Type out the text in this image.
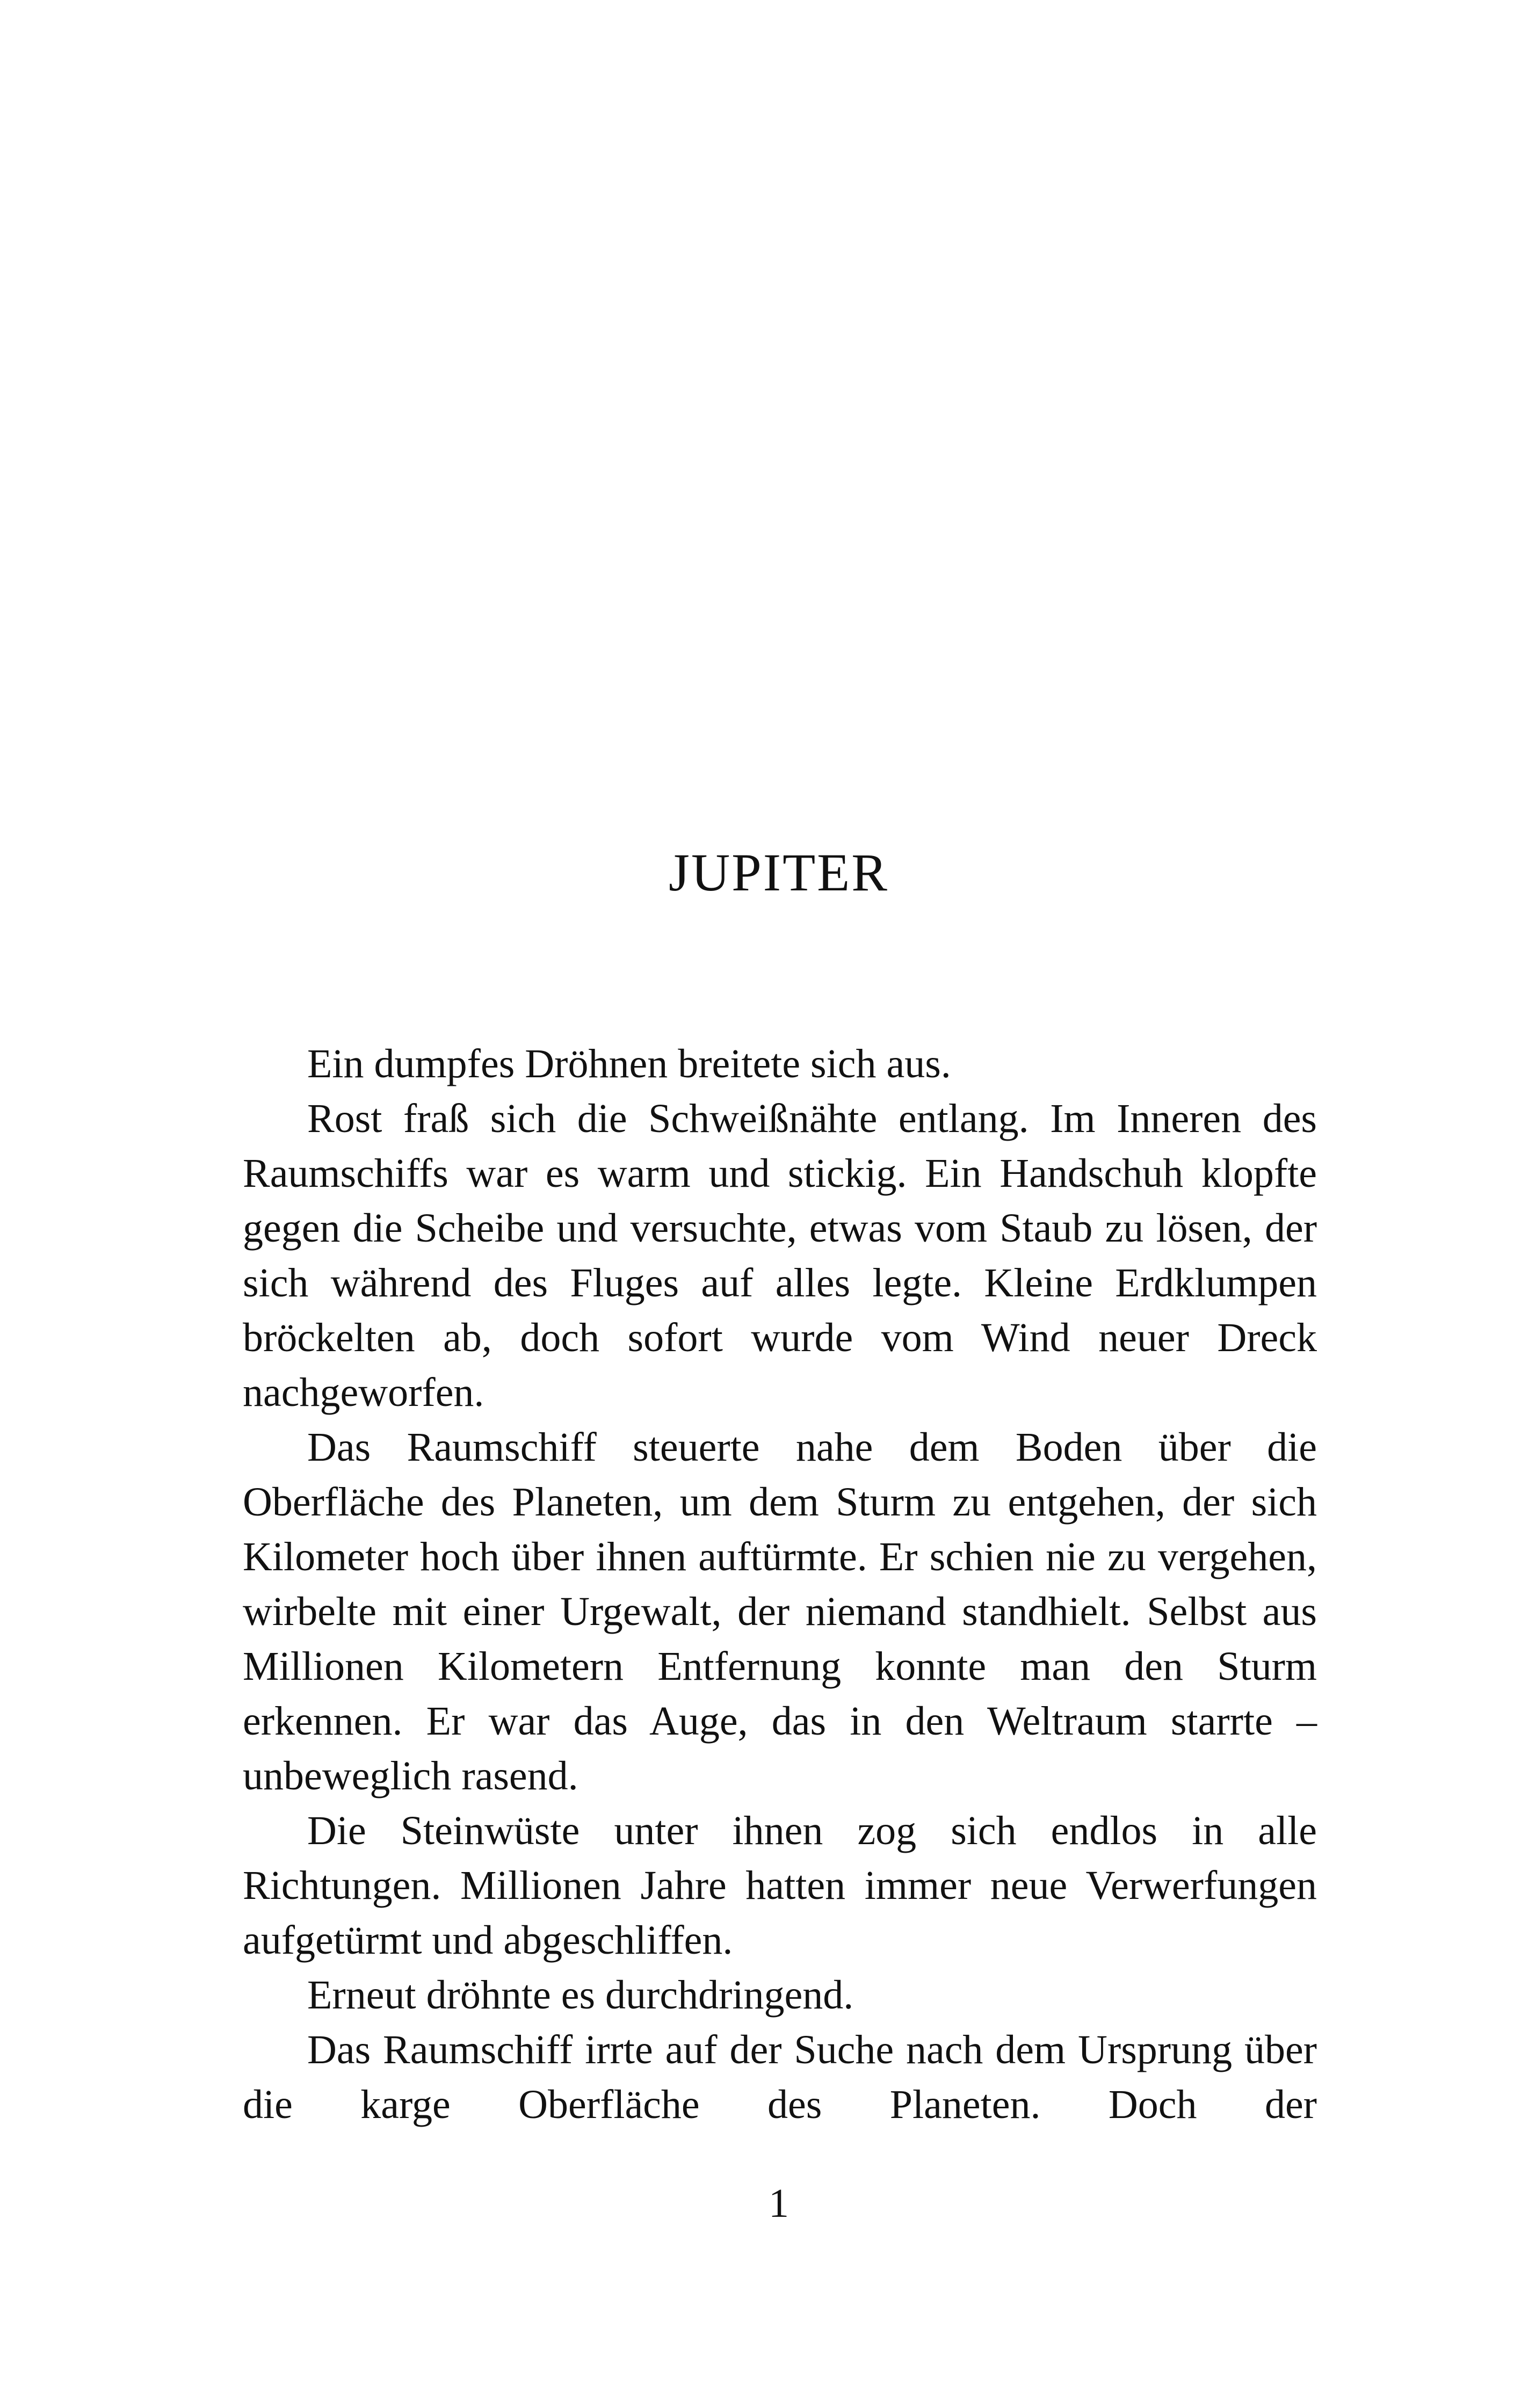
JUPITER

Ein dumpfes Dröhnen breitete sich aus.

Rost fraß sich die Schweißnähte entlang. Im Inneren des Raumschiffs war es warm und stickig. Ein Handschuh klopfte gegen die Scheibe und versuchte, etwas vom Staub zu lösen, der sich während des Fluges auf alles legte. Kleine Erdklumpen bröckelten ab, doch sofort wurde vom Wind neuer Dreck nachgeworfen.

Das Raumschiff steuerte nahe dem Boden über die Oberfläche des Planeten, um dem Sturm zu entgehen, der sich Kilometer hoch über ihnen auftürmte. Er schien nie zu vergehen, wirbelte mit einer Urgewalt, der niemand standhielt. Selbst aus Millionen Kilometern Entfernung konnte man den Sturm erkennen. Er war das Auge, das in den Weltraum starrte – unbeweglich rasend.

Die Steinwüste unter ihnen zog sich endlos in alle Richtungen. Millionen Jahre hatten immer neue Verwerfungen aufgetürmt und abgeschliffen.

Erneut dröhnte es durchdringend.

Das Raumschiff irrte auf der Suche nach dem Ursprung über die karge Oberfläche des Planeten. Doch der

1
